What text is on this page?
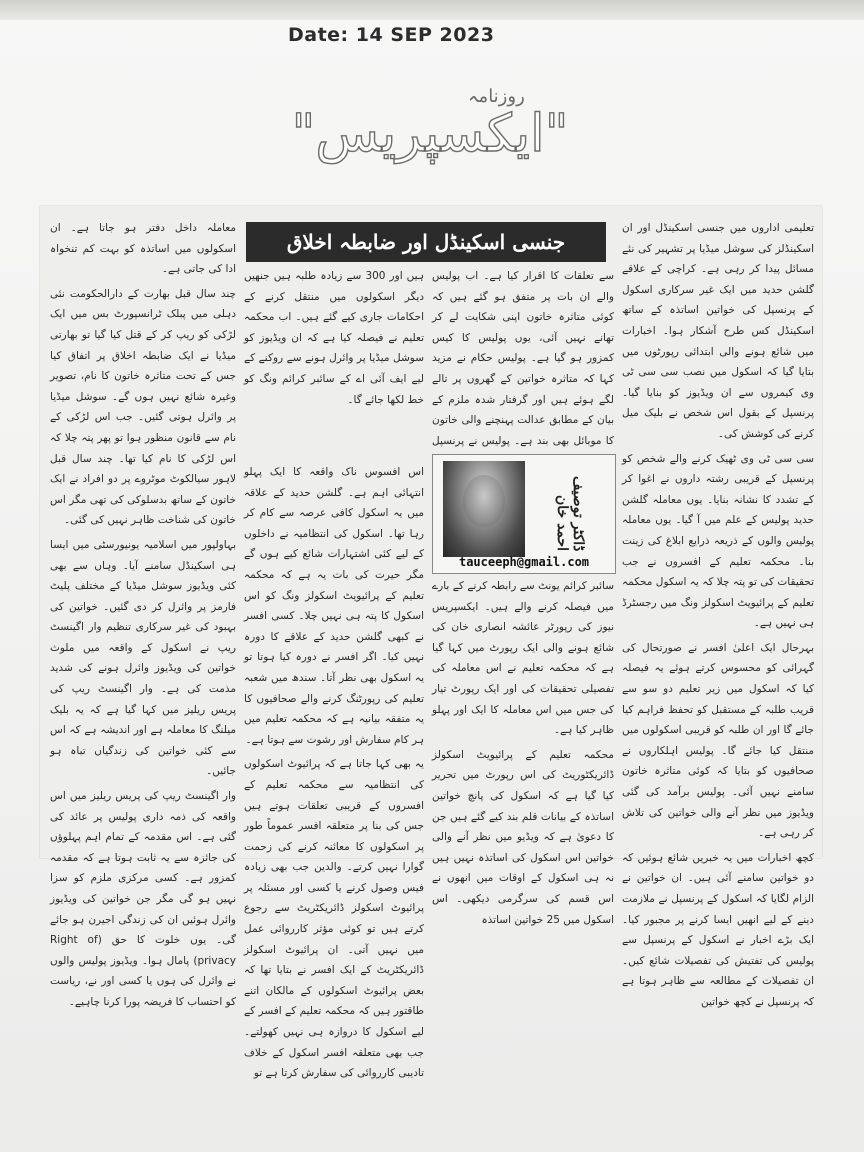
Date: 14 SEP 2023
روزنامہ
"ایکسپریس"

تعلیمی اداروں میں جنسی اسکینڈل اور ان اسکینڈلز کی سوشل میڈیا پر تشہیر کی نئے مسائل پیدا کر رہی ہے۔ کراچی کے علاقے گلشن حدید میں ایک غیر سرکاری اسکول کے پرنسپل کی خواتین اساتذہ کے ساتھ اسکینڈل کس طرح آشکار ہوا۔ اخبارات میں شائع ہونے والی ابتدائی رپورٹوں میں بتایا گیا کہ اسکول میں نصب سی سی ٹی وی کیمروں سے ان ویڈیوز کو بنایا گیا۔ پرنسپل کے بقول اس شخص نے بلیک میل کرنے کی کوشش کی۔

سی سی ٹی وی ٹھیک کرنے والے شخص کو پرنسپل کے قریبی رشتہ داروں نے اغوا کر کے تشدد کا نشانہ بنایا۔ یوں معاملہ گلشن حدید پولیس کے علم میں آ گیا۔ یوں معاملہ پولیس والوں کے ذریعہ ذرایع ابلاغ کی زینت بنا۔ محکمہ تعلیم کے افسروں نے جب تحقیقات کی تو پتہ چلا کہ یہ اسکول محکمہ تعلیم کے پرائیویٹ اسکولز ونگ میں رجسٹرڈ ہی نہیں ہے۔

بہرحال ایک اعلیٰ افسر نے صورتحال کی گہرائی کو محسوس کرتے ہوئے یہ فیصلہ کیا کہ اسکول میں زیر تعلیم دو سو سے قریب طلبہ کے مستقبل کو تحفظ فراہم کیا جائے گا اور ان طلبہ کو قریبی اسکولوں میں منتقل کیا جائے گا۔ پولیس اہلکاروں نے صحافیوں کو بتایا کہ کوئی متاثرہ خاتون سامنے نہیں آئی۔ پولیس برآمد کی گئی ویڈیوز میں نظر آنے والی خواتین کی تلاش کر رہی ہے۔

کچھ اخبارات میں یہ خبریں شائع ہوئیں کہ دو خواتین سامنے آئی ہیں۔ ان خواتین نے الزام لگایا کہ اسکول کے پرنسپل نے ملازمت دینے کے لیے انھیں ایسا کرنے پر مجبور کیا۔ ایک بڑے اخبار نے اسکول کے پرنسپل سے پولیس کی تفتیش کی تفصیلات شائع کیں۔ ان تفصیلات کے مطالعہ سے ظاہر ہوتا ہے کہ پرنسپل نے کچھ خواتین

جنسی اسکینڈل اور ضابطہ اخلاق

سے تعلقات کا اقرار کیا ہے۔ اب پولیس والے ان بات پر متفق ہو گئے ہیں کہ کوئی متاثرہ خاتون اپنی شکایت لے کر تھانے نہیں آئی، یوں پولیس کا کیس کمزور ہو گیا ہے۔ پولیس حکام نے مزید کہا کہ متاثرہ خواتین کے گھروں پر تالے لگے ہوئے ہیں اور گرفتار شدہ ملزم کے بیان کے مطابق عدالت پہنچنے والی خاتون کا موبائل بھی بند ہے۔ پولیس نے پرنسپل

ڈاکٹر توصیف احمد خان
tauceeph@gmail.com

سائبر کرائم یونٹ سے رابطہ کرنے کے بارے میں فیصلہ کرنے والے ہیں۔ ایکسپریس نیوز کی رپورٹر عائشہ انصاری خان کی شائع ہونے والی ایک رپورٹ میں کہا گیا ہے کہ محکمہ تعلیم نے اس معاملہ کی تفصیلی تحقیقات کی اور ایک رپورٹ تیار کی جس میں اس معاملہ کا ایک اور پہلو ظاہر کیا ہے۔

محکمہ تعلیم کے پرائیویٹ اسکولز ڈائریکٹوریٹ کی اس رپورٹ میں تحریر کیا گیا ہے کہ اسکول کی پانچ خواتین اساتذہ کے بیانات قلم بند کیے گئے ہیں جن کا دعویٰ ہے کہ ویڈیو میں نظر آنے والی خواتین اس اسکول کی اساتذہ نہیں ہیں نہ ہی اسکول کے اوقات میں انھوں نے اس قسم کی سرگرمی دیکھی۔ اس اسکول میں 25 خواتین اساتذہ

ہیں اور 300 سے زیادہ طلبہ ہیں جنھیں دیگر اسکولوں میں منتقل کرنے کے احکامات جاری کیے گئے ہیں۔ اب محکمہ تعلیم نے فیصلہ کیا ہے کہ ان ویڈیوز کو سوشل میڈیا پر وائرل ہونے سے روکنے کے لیے ایف آئی اے کے سائبر کرائم ونگ کو خط لکھا جائے گا۔

اس افسوس ناک واقعہ کا ایک پہلو انتہائی اہم ہے۔ گلشن حدید کے علاقہ میں یہ اسکول کافی عرصہ سے کام کر رہا تھا۔ اسکول کی انتظامیہ نے داخلوں کے لیے کئی اشتہارات شائع کیے ہوں گے مگر حیرت کی بات یہ ہے کہ محکمہ تعلیم کے پرائیویٹ اسکولز ونگ کو اس اسکول کا پتہ ہی نہیں چلا۔ کسی افسر نے کبھی گلشن حدید کے علاقے کا دورہ نہیں کیا۔ اگر افسر نے دورہ کیا ہوتا تو یہ اسکول بھی نظر آتا۔ سندھ میں شعبہ تعلیم کی رپورٹنگ کرنے والے صحافیوں کا یہ متفقہ بیانیہ ہے کہ محکمہ تعلیم میں ہر کام سفارش اور رشوت سے ہوتا ہے۔

یہ بھی کہا جاتا ہے کہ پرائیوٹ اسکولوں کی انتظامیہ سے محکمہ تعلیم کے افسروں کے قریبی تعلقات ہوتے ہیں جس کی بنا پر متعلقہ افسر عموماً طور پر اسکولوں کا معائنہ کرنے کی زحمت گوارا نہیں کرتے۔ والدین جب بھی زیادہ فیس وصول کرنے یا کسی اور مسئلہ پر پرائیوٹ اسکولز ڈائریکٹریٹ سے رجوع کرتے ہیں تو کوئی مؤثر کارروائی عمل میں نہیں آتی۔ ان پرائیوٹ اسکولز ڈائریکٹریٹ کے ایک افسر نے بتایا تھا کہ بعض پرائیوٹ اسکولوں کے مالکان اتنے طاقتور ہیں کہ محکمہ تعلیم کے افسر کے لیے اسکول کا دروازہ ہی نہیں کھولتے۔ جب بھی متعلقہ افسر اسکول کے خلاف تادیبی کارروائی کی سفارش کرتا ہے تو

معاملہ داخل دفتر ہو جاتا ہے۔ ان اسکولوں میں اساتذہ کو بہت کم تنخواہ ادا کی جاتی ہے۔

چند سال قبل بھارت کے دارالحکومت نئی دہلی میں پبلک ٹرانسپورٹ بس میں ایک لڑکی کو ریپ کر کے قتل کیا گیا تو بھارتی میڈیا نے ایک ضابطہ اخلاق پر اتفاق کیا جس کے تحت متاثرہ خاتون کا نام، تصویر وغیرہ شائع نہیں ہوں گے۔ سوشل میڈیا پر وائرل ہوتی گئیں۔ جب اس لڑکی کے نام سے قانون منظور ہوا تو پھر پتہ چلا کہ اس لڑکی کا نام کیا تھا۔ چند سال قبل لاہور سیالکوٹ موٹروے پر دو افراد نے ایک خاتون کے ساتھ بدسلوکی کی تھی مگر اس خاتون کی شناخت ظاہر نہیں کی گئی۔

بہاولپور میں اسلامیہ یونیورسٹی میں ایسا ہی اسکینڈل سامنے آیا۔ وہاں سے بھی کئی ویڈیوز سوشل میڈیا کے مختلف پلیٹ فارمز پر وائرل کر دی گئیں۔ خواتین کی بہبود کی غیر سرکاری تنظیم وار اگینسٹ ریپ نے اسکول کے واقعہ میں ملوث خواتین کی ویڈیوز وائرل ہونے کی شدید مذمت کی ہے۔ وار اگینسٹ ریپ کی پریس ریلیز میں کہا گیا ہے کہ یہ بلیک میلنگ کا معاملہ ہے اور اندیشہ ہے کہ اس سے کئی خواتین کی زندگیاں تباہ ہو جائیں۔

وار اگینسٹ ریپ کی پریس ریلیز میں اس واقعہ کی ذمہ داری پولیس پر عائد کی گئی ہے۔ اس مقدمہ کے تمام اہم پہلوؤں کی جائزہ سے یہ ثابت ہوتا ہے کہ مقدمہ کمزور ہے۔ کسی مرکزی ملزم کو سزا نہیں ہو گی مگر جن خواتین کی ویڈیوز وائرل ہوئیں ان کی زندگی اجیرن ہو جائے گی۔ یوں خلوت کا حق (Right of privacy) پامال ہوا۔ ویڈیوز پولیس والوں نے وائرل کی ہوں یا کسی اور نے، ریاست کو احتساب کا فریضہ پورا کرنا چاہیے۔
